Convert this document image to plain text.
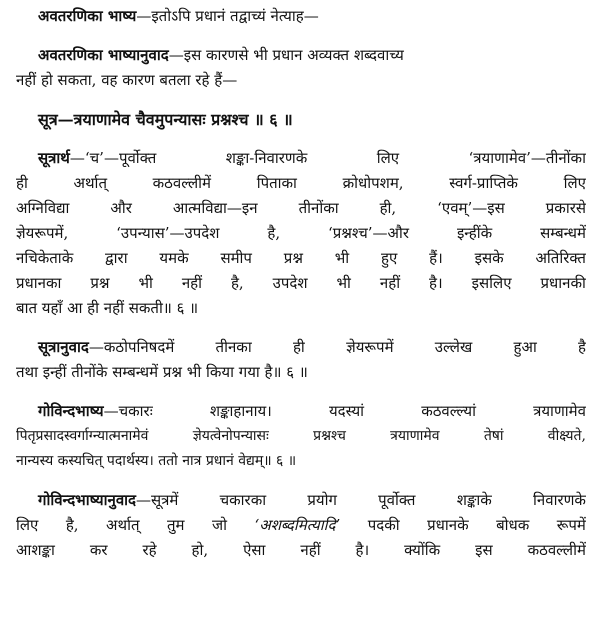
अवतरणिका भाष्य—इतोऽपि प्रधानं तद्वाच्यं नेत्याह—
अवतरणिका भाष्यानुवाद—इस कारणसे भी प्रधान अव्यक्त शब्दवाच्य
नहीं हो सकता, वह कारण बतला रहे हैं—
सूत्र—त्रयाणामेव चैवमुपन्यासः प्रश्नश्च ॥ ६ ॥
सूत्रार्थ—‘च’—पूर्वोक्त	शङ्का-निवारणके	लिए	‘त्रयाणामेव’—तीनोंका
ही	अर्थात्	कठवल्लीमें	पिताका	क्रोधोपशम,	स्वर्ग-प्राप्तिके	लिए
अग्निविद्या	और	आत्मविद्या—इन	तीनोंका	ही,	‘एवम्’—इस	प्रकारसे
ज्ञेयरूपमें,	‘उपन्यास’—उपदेश	है,	‘प्रश्नश्च’—और	इन्हींके	सम्बन्धमें
नचिकेताके द्वारा यमके समीप प्रश्न भी हुए हैं। इसके अतिरिक्त
प्रधानका प्रश्न भी नहीं है, उपदेश भी नहीं है। इसलिए प्रधानकी
बात यहाँ आ ही नहीं सकती॥ ६ ॥
सूत्रानुवाद—कठोपनिषदमें	तीनका	ही	ज्ञेयरूपमें	उल्लेख	हुआ	है
तथा इन्हीं तीनोंके सम्बन्धमें प्रश्न भी किया गया है॥ ६ ॥
गोविन्दभाष्य—चकारः	शङ्काहानाय।	यदस्यां	कठवल्ल्यां	त्रयाणामेव
पितृप्रसादस्वर्गाग्न्यात्मनामेवं	ज्ञेयत्वेनोपन्यासः	प्रश्नश्च	त्रयाणामेव	तेषां	वीक्ष्यते,
नान्यस्य कस्यचित् पदार्थस्य। ततो नात्र प्रधानं वेद्यम्॥ ६ ॥
गोविन्दभाष्यानुवाद—सूत्रमें	चकारका	प्रयोग	पूर्वोक्त	शङ्काके	निवारणके
लिए है, अर्थात् तुम जो ‘अशब्दमित्यादि’ पदकी प्रधानके बोधक रूपमें
आशङ्का कर रहे हो, ऐसा नहीं है। क्योंकि इस कठवल्लीमें
